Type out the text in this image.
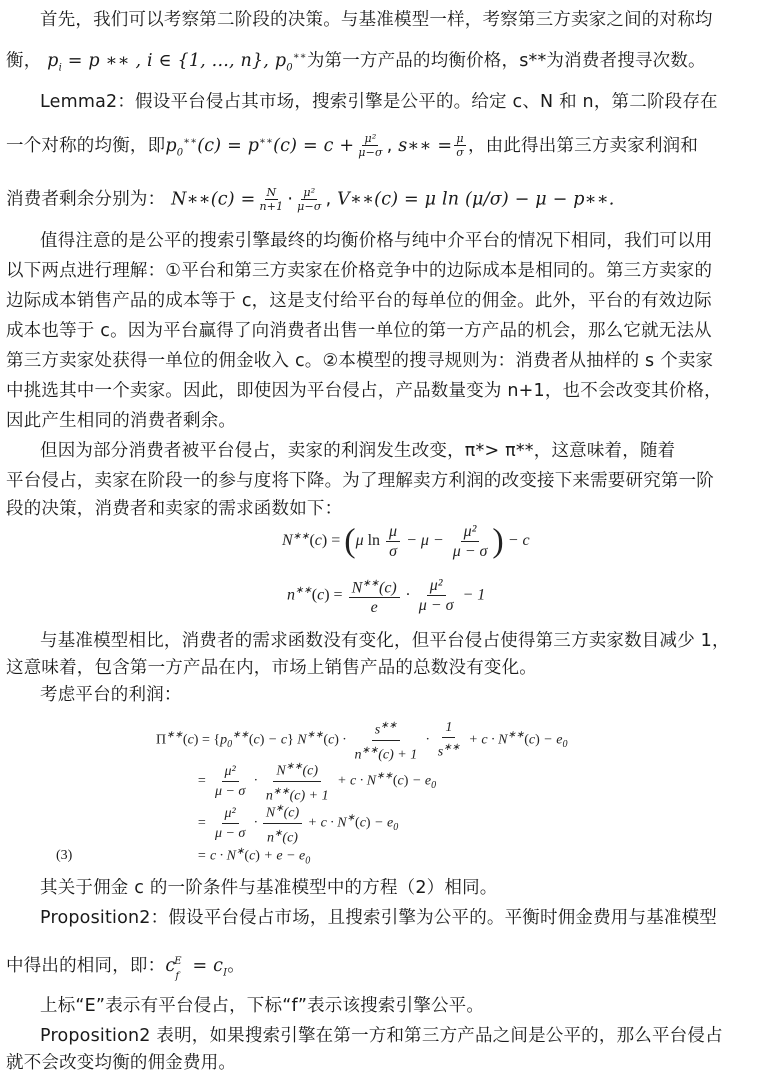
首先，我们可以考察第二阶段的决策。与基准模型一样，考察第三方卖家之间的对称均
衡， $p_i = p$ ∗∗ , i ∈ {1, ..., n}, $p_0^{∗∗}$为第一方产品的均衡价格，s**为消费者搜寻次数。
Lemma2：假设平台侵占其市场，搜索引擎是公平的。给定 c、N 和 n，第二阶段存在
一个对称的均衡，即$p_0^{∗∗}(c) = p^{∗∗}(c) = c + \frac{\text{μ²}}{\mu-\sigma}$ , s∗∗ = $\frac{\mu}{\sigma}$ ，由此得出第三方卖家利润和
消费者剩余分别为： N∗∗(c) = $\frac{N}{n+1} \cdot \frac{\text{μ²}}{\mu-\sigma}$ , V∗∗(c) = μ ln (μ/σ) − μ − p∗∗.
值得注意的是公平的搜索引擎最终的均衡价格与纯中介平台的情况下相同，我们可以用
以下两点进行理解：①平台和第三方卖家在价格竞争中的边际成本是相同的。第三方卖家的
边际成本销售产品的成本等于 c，这是支付给平台的每单位的佣金。此外，平台的有效边际
成本也等于 c。因为平台赢得了向消费者出售一单位的第一方产品的机会，那么它就无法从
第三方卖家处获得一单位的佣金收入 c。②本模型的搜寻规则为：消费者从抽样的 s 个卖家
中挑选其中一个卖家。因此，即使因为平台侵占，产品数量变为 n+1，也不会改变其价格，
因此产生相同的消费者剩余。
但因为部分消费者被平台侵占，卖家的利润发生改变，π*> π**，这意味着，随着
平台侵占，卖家在阶段一的参与度将下降。为了理解卖方利润的改变接下来需要研究第一阶
段的决策，消费者和卖家的需求函数如下：
N∗∗(c) = (μ $\ln \frac{\mu}{\sigma} - \mu - \frac{\text{μ²}}{\mu - \sigma}$ ) − c
$n^{∗∗}(c) = \frac{N^{∗∗}(c)}{e} \cdot \frac{\text{μ²}}{\mu - \sigma} - 1$
与基准模型相比，消费者的需求函数没有变化，但平台侵占使得第三方卖家数目减少 1，
这意味着，包含第一方产品在内，市场上销售产品的总数没有变化。
考虑平台的利润：
$\Pi^{∗∗}(c) = \{p_0^{∗∗}(c) - c\} N^{∗∗}(c) \cdot \frac{s^{∗∗}}{n^{∗∗}(c) + 1} \cdot \frac{1}{s^{∗∗}} + c \cdot N^{∗∗}(c) - e_0$
= $\frac{\text{μ²}}{\mu - \sigma} \cdot \frac{N^{∗∗}(c)}{n^{∗∗}(c) + 1} + c \cdot N^{∗∗}(c) - e_0$
= $\frac{\text{μ²}}{\mu - \sigma} \cdot \frac{N^∗(c)}{n^∗(c)} + c \cdot N^∗(c) - e_0$
(3)	= $c \cdot N^∗(c) + e - e_0$
其关于佣金 c 的一阶条件与基准模型中的方程（2）相同。
Proposition2：假设平台侵占市场，且搜索引擎为公平的。平衡时佣金费用与基准模型
中得出的相同，即：$c_f^E = c_I$。
上标“E”表示有平台侵占，下标“f”表示该搜索引擎公平。
Proposition2 表明，如果搜索引擎在第一方和第三方产品之间是公平的，那么平台侵占
就不会改变均衡的佣金费用。
